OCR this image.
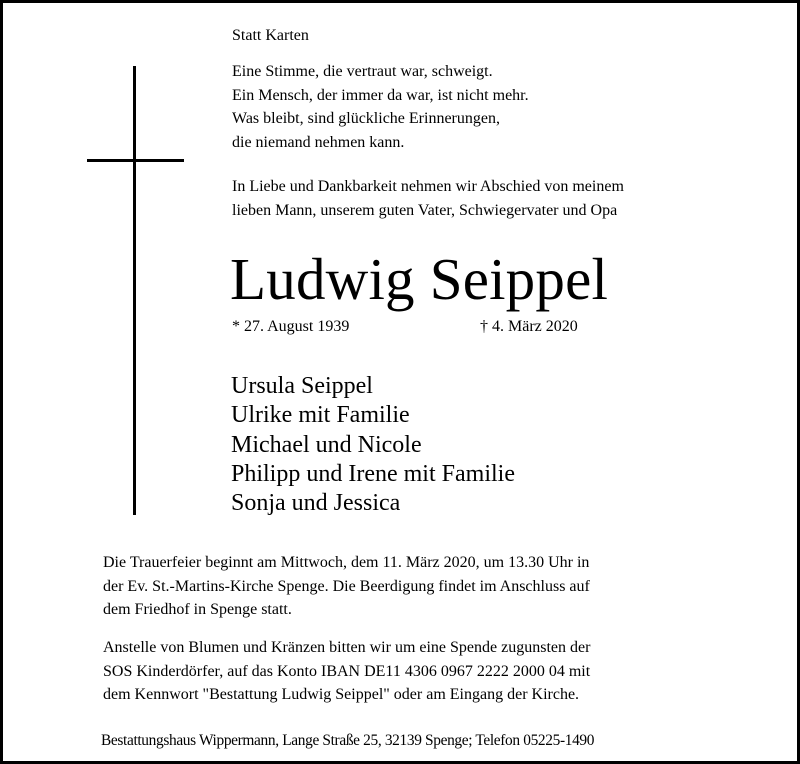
Statt Karten
Eine Stimme, die vertraut war, schweigt.
Ein Mensch, der immer da war, ist nicht mehr.
Was bleibt, sind glückliche Erinnerungen,
die niemand nehmen kann.
In Liebe und Dankbarkeit nehmen wir Abschied von meinem
lieben Mann, unserem guten Vater, Schwiegervater und Opa
Ludwig Seippel
* 27. August 1939	† 4. März 2020
Ursula Seippel
Ulrike mit Familie
Michael und Nicole
Philipp und Irene mit Familie
Sonja und Jessica
Die Trauerfeier beginnt am Mittwoch, dem 11. März 2020, um 13.30 Uhr in
der Ev. St.-Martins-Kirche Spenge. Die Beerdigung findet im Anschluss auf
dem Friedhof in Spenge statt.
Anstelle von Blumen und Kränzen bitten wir um eine Spende zugunsten der
SOS Kinderdörfer, auf das Konto IBAN DE11 4306 0967 2222 2000 04 mit
dem Kennwort "Bestattung Ludwig Seippel" oder am Eingang der Kirche.
Bestattungshaus Wippermann, Lange Straße 25, 32139 Spenge; Telefon 05225-1490
